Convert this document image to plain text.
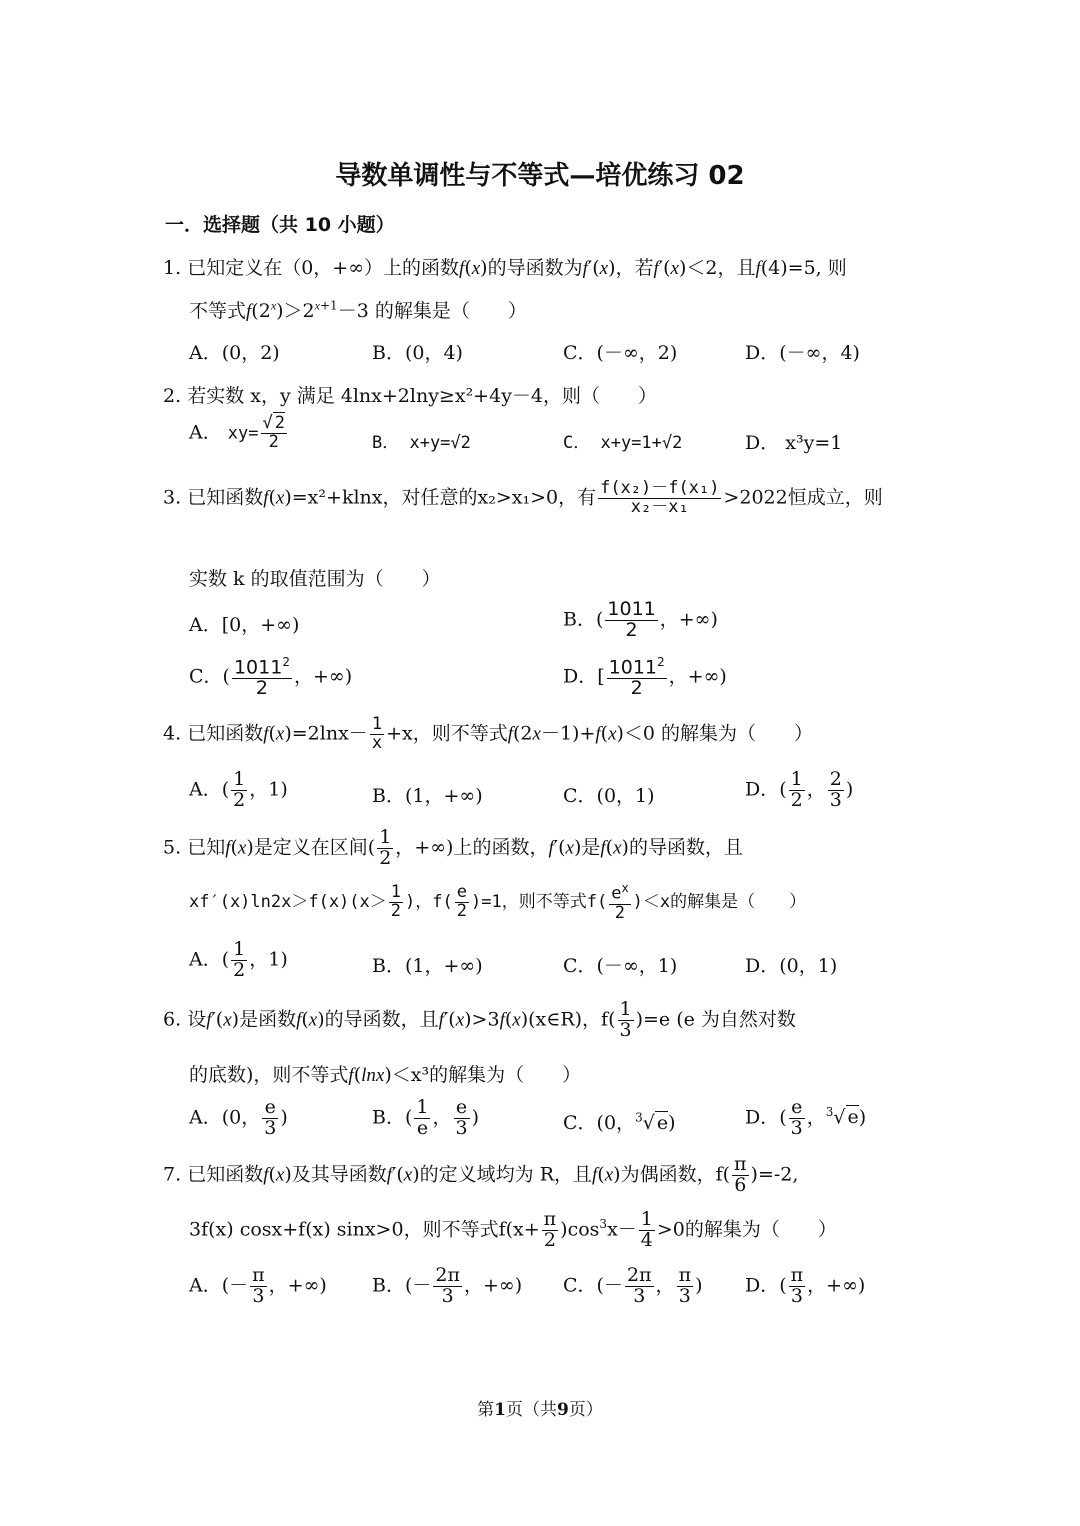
导数单调性与不等式—培优练习 02
一．选择题（共 10 小题）
1. 已知定义在（0，+∞）上的函数f(x)的导函数为f′(x)，若f′(x)＜2，且f(4)=5, 则
不等式$f(2^x)>2^{x+1}-3$ 的解集是（　　）
A．(0，2)	B．(0，4)	C．(－∞，2)	D．(－∞，4)
2. 若实数 x，y 满足 4lnx+2lny≥x²+4y－4，则（　　）
A． $xy= \frac{√ 2}{2}$	B． x+y=√2	C． x+y=1+√2	D． x³y=1
3. 已知函数f(x)=x²+klnx，对任意的x₂>x₁>0，有 $\frac{\text{f(x₂)－f(x₁)}}{\text{x₂－x₁}} >2022$恒成立，则
实数 k 的取值范围为（　　）
A．[0，+∞)	B．( $\frac{1011}{2}$ ，+∞)
C．( $\frac{1011^2}{2}$ ，+∞)	D．[ $\frac{1011^2}{2}$ ，+∞)
4. 已知函数$f(x)=2\ln x- \frac{1}{x} +x$，则不等式f(2x－1)+f(x)＜0 的解集为（　　）
A．( $\frac{1}{2}$ ，1)	B．(1，+∞)	C．(0，1)	D．( $\frac{1}{2}$ ， $\frac{2}{3}$ )
5. 已知f(x)是定义在区间( $\frac{1}{2}$ ，+∞)上的函数，f′(x)是f(x)的导函数，且
$xf'(x)\ln 2x>f(x)(x> \frac{1}{2}$ )，$f( \frac{e}{2} )=1$，则不等式$f( \frac{e^x}{2} )<x$的解集是（　　）
A．( $\frac{1}{2}$ ，1)	B．(1，+∞)	C．(－∞，1)	D．(0，1)
6. 设f′(x)是函数f(x)的导函数，且f′(x)>3f(x)(x∈R)，$f( \frac{1}{3} )=e$ (e 为自然对数
的底数)，则不等式f(lnx)＜x³的解集为（　　）
A．(0， $\frac{e}{3}$ )	B．( $\frac{1}{e}$ ， $\frac{e}{3}$ )	C．(0，$^3$√ e)	D．( $\frac{e}{3}$ ，$^3$√ e)
7. 已知函数f(x)及其导函数f′(x)的定义域均为 R，且f(x)为偶函数，$f( \frac{\pi}{6} )=-2$,
3f(x) cosx+f(x) sinx>0，则不等式$f(x+ \frac{\pi}{2} )\cos^3x- \frac{1}{4} >0$的解集为（　　）
A．(－ $\frac{\pi}{3}$ ，+∞) B．(－ $\frac{2\pi}{3}$ ，+∞) C．(－ $\frac{2\pi}{3}$ ， $\frac{\pi}{3}$ ) D．( $\frac{\pi}{3}$ ，+∞)
第1页（共9页）
